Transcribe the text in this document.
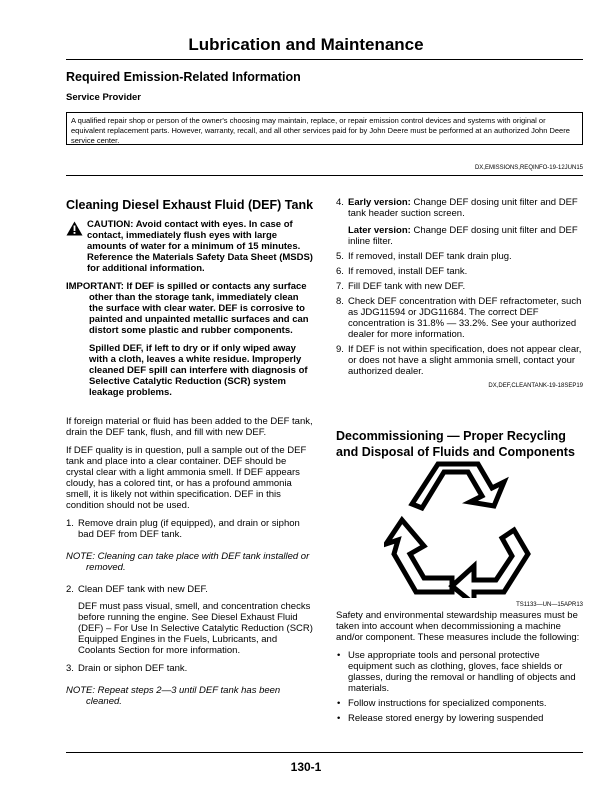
Lubrication and Maintenance
Required Emission-Related Information
Service Provider
A qualified repair shop or person of the owner's choosing may maintain, replace, or repair emission control devices and systems with original or equivalent replacement parts. However, warranty, recall, and all other services paid for by John Deere must be performed at an authorized John Deere service center.
DX,EMISSIONS,REQINFO-19-12JUN15

Cleaning Diesel Exhaust Fluid (DEF) Tank

CAUTION: Avoid contact with eyes. In case of contact, immediately flush eyes with large amounts of water for a minimum of 15 minutes. Reference the Materials Safety Data Sheet (MSDS) for additional information.

IMPORTANT: If DEF is spilled or contacts any surface other than the storage tank, immediately clean the surface with clear water. DEF is corrosive to painted and unpainted metallic surfaces and can distort some plastic and rubber components.

Spilled DEF, if left to dry or if only wiped away with a cloth, leaves a white residue. Improperly cleaned DEF spill can interfere with diagnosis of Selective Catalytic Reduction (SCR) system leakage problems.

If foreign material or fluid has been added to the DEF tank, drain the DEF tank, flush, and fill with new DEF.

If DEF quality is in question, pull a sample out of the DEF tank and place into a clear container. DEF should be crystal clear with a light ammonia smell. If DEF appears cloudy, has a colored tint, or has a profound ammonia smell, it is likely not within specification. DEF in this condition should not be used.

1. Remove drain plug (if equipped), and drain or siphon bad DEF from DEF tank.

NOTE: Cleaning can take place with DEF tank installed or removed.

2. Clean DEF tank with new DEF.

DEF must pass visual, smell, and concentration checks before running the engine. See Diesel Exhaust Fluid (DEF) – For Use In Selective Catalytic Reduction (SCR) Equipped Engines in the Fuels, Lubricants, and Coolants Section for more information.

3. Drain or siphon DEF tank.

NOTE: Repeat steps 2—3 until DEF tank has been cleaned.

4. Early version: Change DEF dosing unit filter and DEF tank header suction screen.

Later version: Change DEF dosing unit filter and DEF inline filter.

5. If removed, install DEF tank drain plug.

6. If removed, install DEF tank.

7. Fill DEF tank with new DEF.

8. Check DEF concentration with DEF refractometer, such as JDG11594 or JDG11684. The correct DEF concentration is 31.8% — 33.2%. See your authorized dealer for more information.

9. If DEF is not within specification, does not appear clear, or does not have a slight ammonia smell, contact your authorized dealer.

DX,DEF,CLEANTANK-19-18SEP19

Decommissioning — Proper Recycling and Disposal of Fluids and Components

TS1133—UN—15APR13

Safety and environmental stewardship measures must be taken into account when decommissioning a machine and/or component. These measures include the following:

• Use appropriate tools and personal protective equipment such as clothing, gloves, face shields or glasses, during the removal or handling of objects and materials.

• Follow instructions for specialized components.

• Release stored energy by lowering suspended

130-1
